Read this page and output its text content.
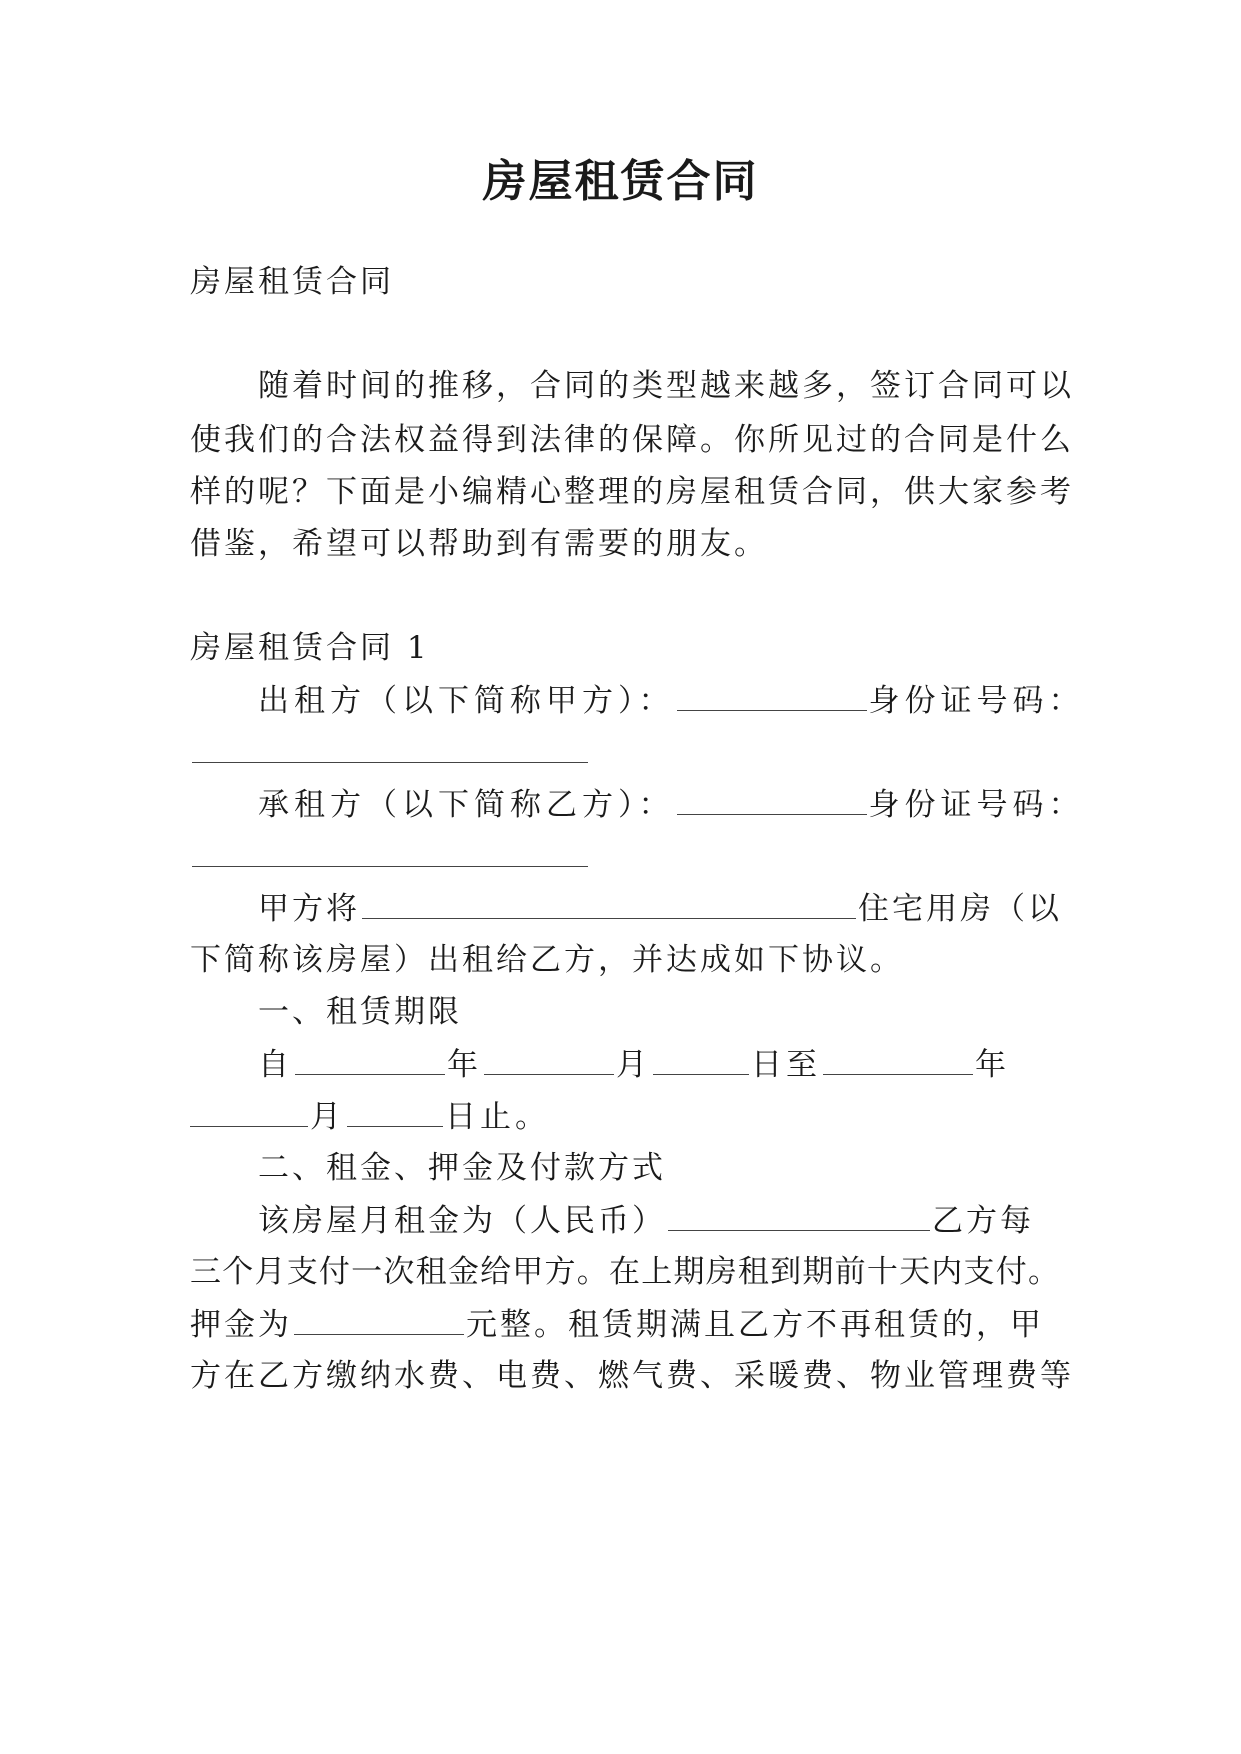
房屋租赁合同
房屋租赁合同
随着时间的推移，合同的类型越来越多，签订合同可以
使我们的合法权益得到法律的保障。你所见过的合同是什么
样的呢？下面是小编精心整理的房屋租赁合同，供大家参考
借鉴，希望可以帮助到有需要的朋友。
房屋租赁合同 1
出租方（以下简称甲方）：	身份证号码：
承租方（以下简称乙方）：	身份证号码：
甲方将	住宅用房（以
下简称该房屋）出租给乙方，并达成如下协议。
一、租赁期限
自	年	月	日至	年
月	日止。
二、租金、押金及付款方式
该房屋月租金为（人民币）	乙方每
三个月支付一次租金给甲方。在上期房租到期前十天内支付。
押金为	元整。租赁期满且乙方不再租赁的，甲
方在乙方缴纳水费、电费、燃气费、采暖费、物业管理费等
